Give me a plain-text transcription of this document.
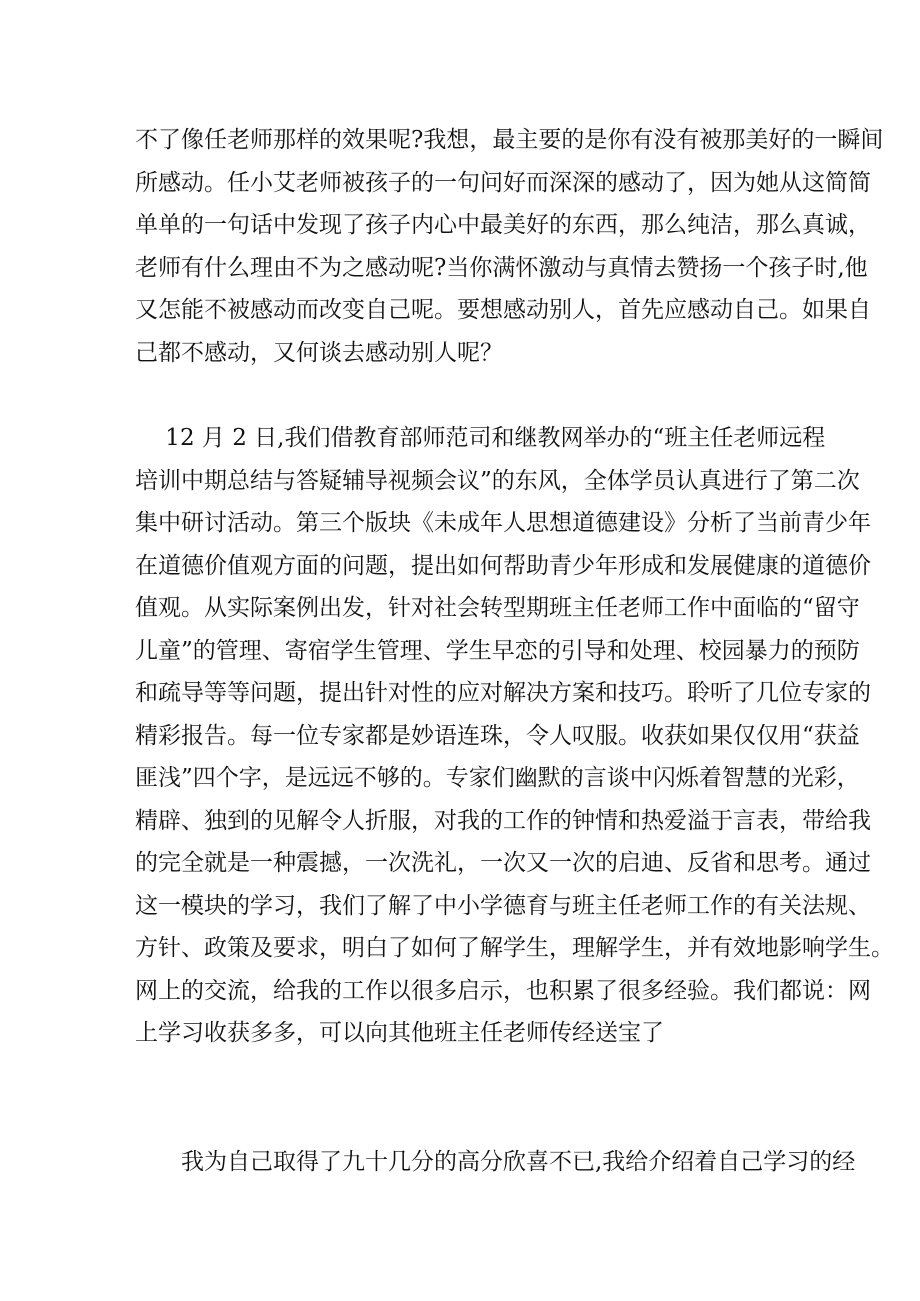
不了像任老师那样的效果呢?我想，最主要的是你有没有被那美好的一瞬间
所感动。任小艾老师被孩子的一句问好而深深的感动了，因为她从这简简
单单的一句话中发现了孩子内心中最美好的东西，那么纯洁，那么真诚，
老师有什么理由不为之感动呢?当你满怀激动与真情去赞扬一个孩子时,他
又怎能不被感动而改变自己呢。要想感动别人，首先应感动自己。如果自
己都不感动，又何谈去感动别人呢？
　 12 月 2 日,我们借教育部师范司和继教网举办的“班主任老师远程
培训中期总结与答疑辅导视频会议”的东风，全体学员认真进行了第二次
集中研讨活动。第三个版块《未成年人思想道德建设》分析了当前青少年
在道德价值观方面的问题，提出如何帮助青少年形成和发展健康的道德价
值观。从实际案例出发，针对社会转型期班主任老师工作中面临的“留守
儿童”的管理、寄宿学生管理、学生早恋的引导和处理、校园暴力的预防
和疏导等等问题，提出针对性的应对解决方案和技巧。聆听了几位专家的
精彩报告。每一位专家都是妙语连珠，令人叹服。收获如果仅仅用“获益
匪浅”四个字，是远远不够的。专家们幽默的言谈中闪烁着智慧的光彩，
精辟、独到的见解令人折服，对我的工作的钟情和热爱溢于言表，带给我
的完全就是一种震撼，一次洗礼，一次又一次的启迪、反省和思考。通过
这一模块的学习，我们了解了中小学德育与班主任老师工作的有关法规、
方针、政策及要求，明白了如何了解学生，理解学生，并有效地影响学生。
网上的交流，给我的工作以很多启示，也积累了很多经验。我们都说：网
上学习收获多多，可以向其他班主任老师传经送宝了
　　我为自己取得了九十几分的高分欣喜不已,我给介绍着自己学习的经
